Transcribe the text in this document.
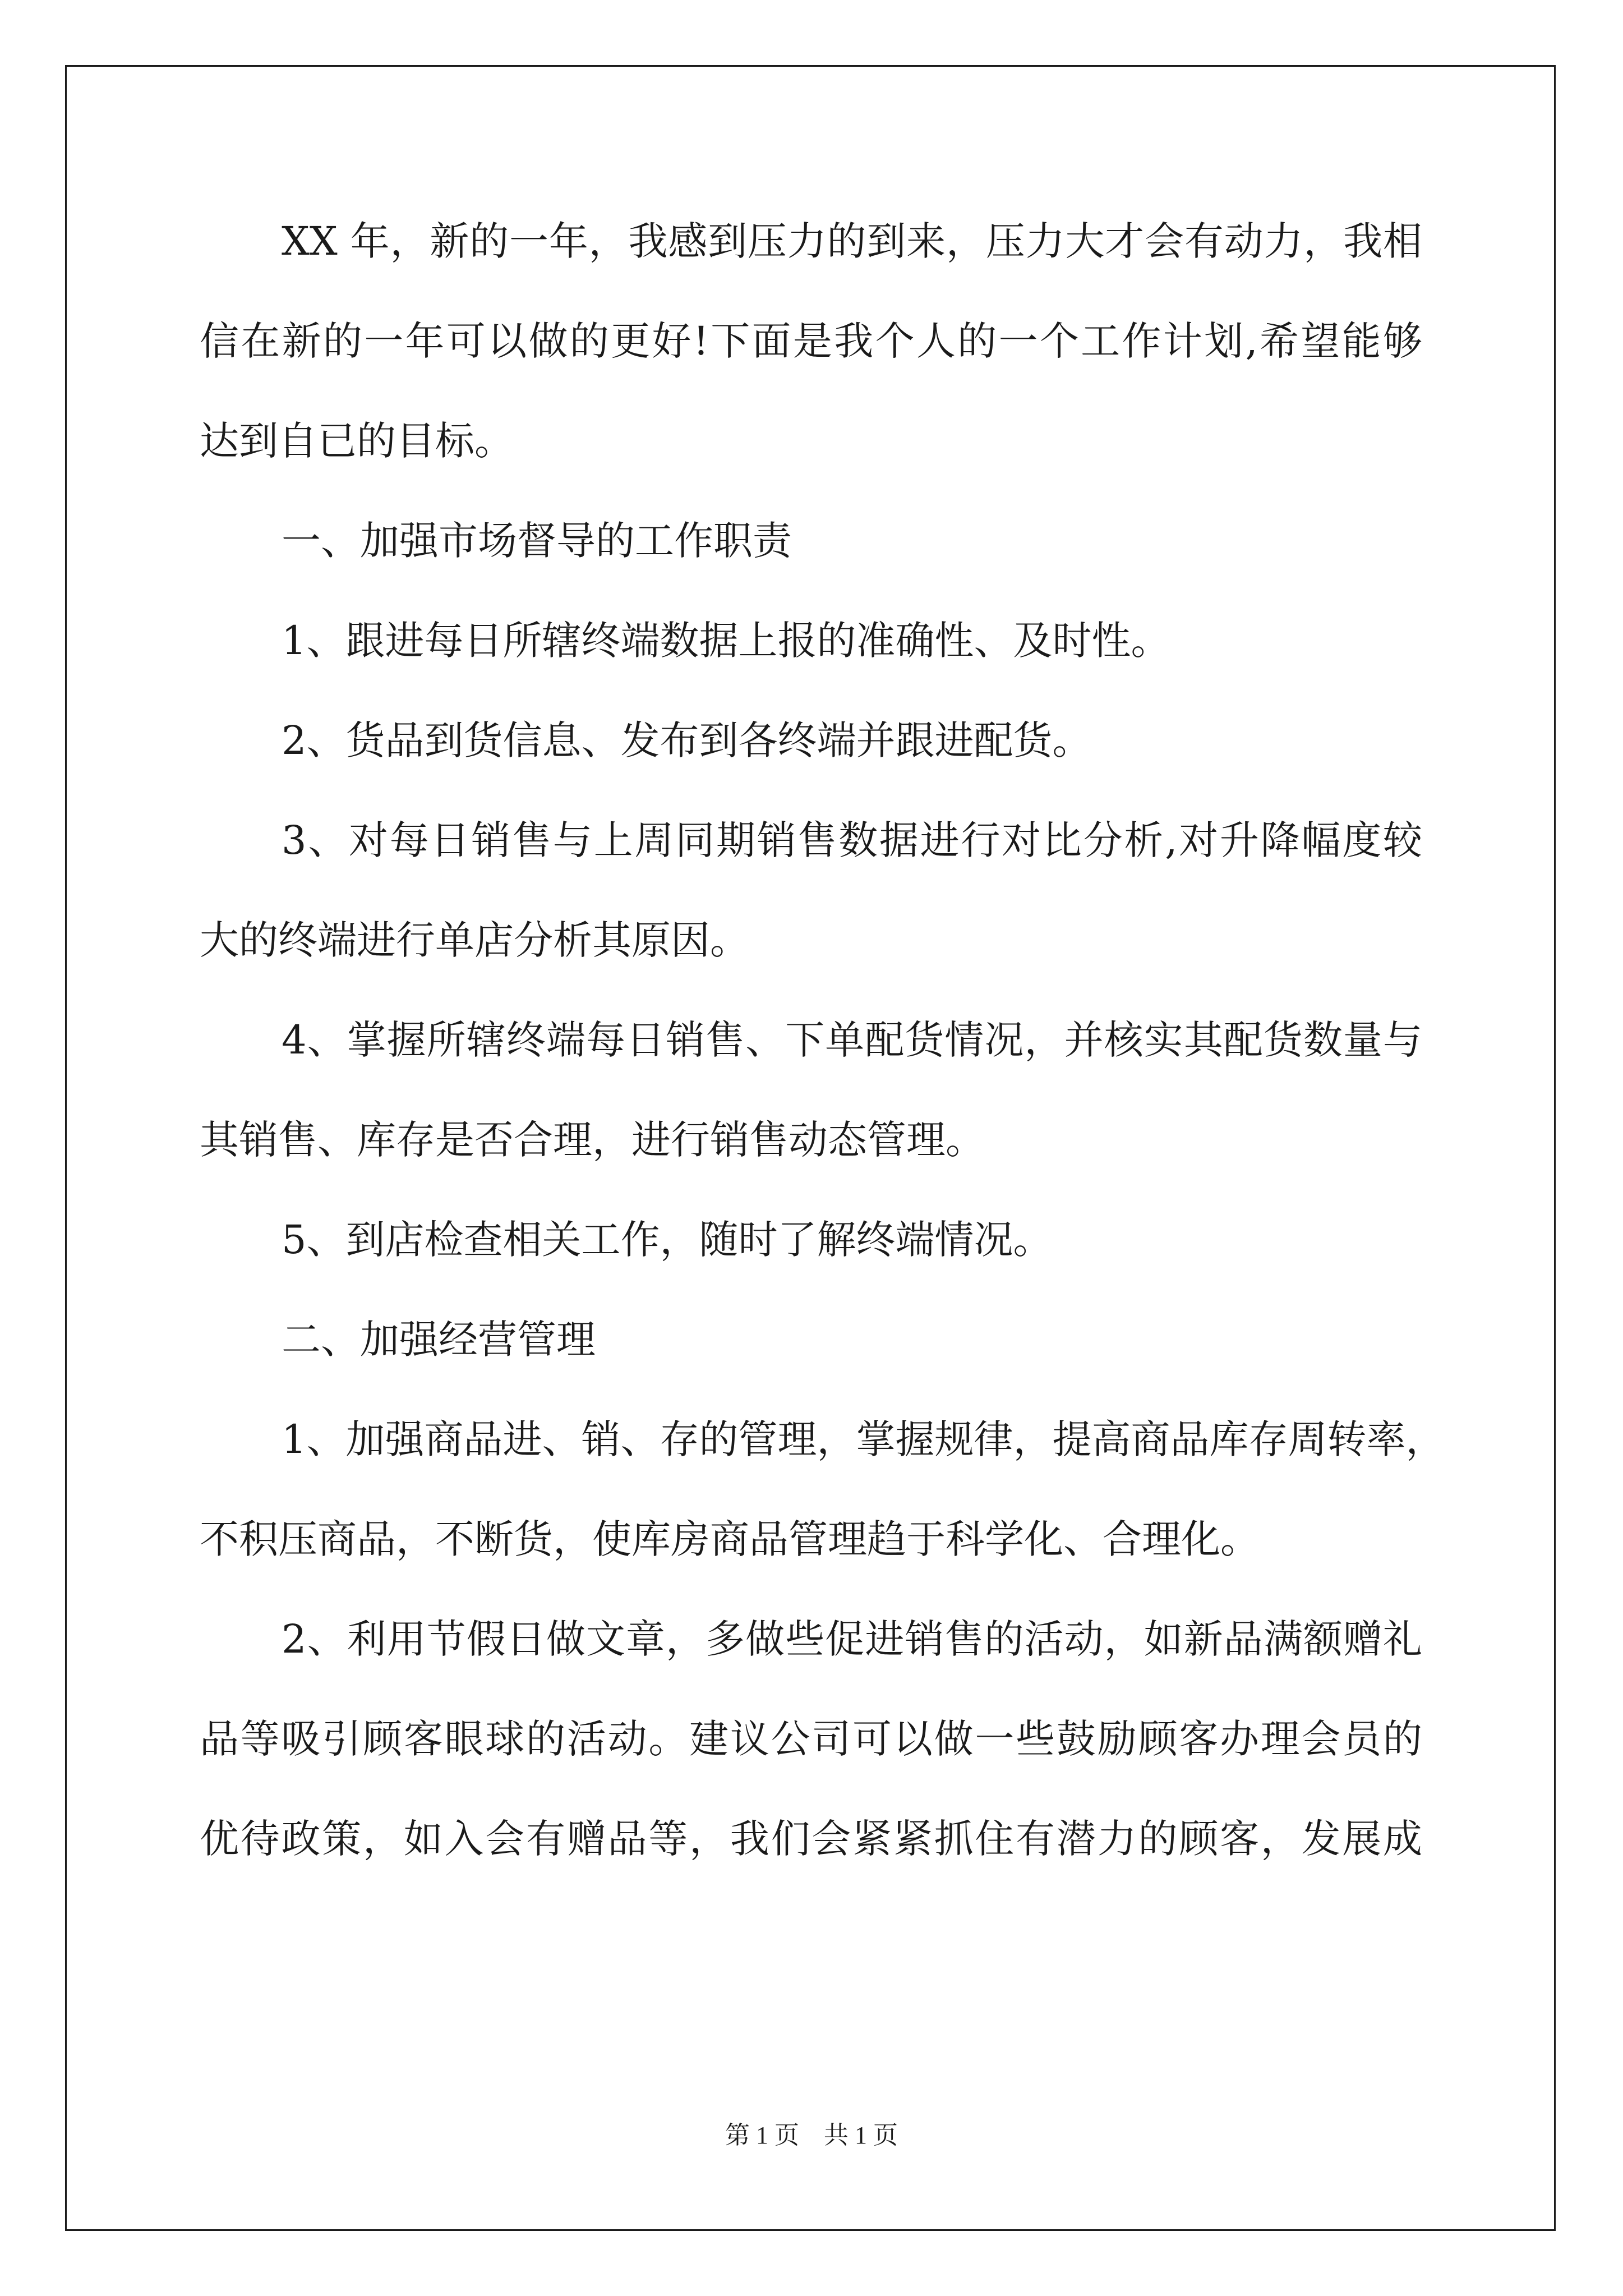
XX 年，新的一年，我感到压力的到来，压力大才会有动力，我相
信在新的一年可以做的更好!下面是我个人的一个工作计划,希望能够
达到自已的目标。
一、加强市场督导的工作职责
1、跟进每日所辖终端数据上报的准确性、及时性。
2、货品到货信息、发布到各终端并跟进配货。
3、对每日销售与上周同期销售数据进行对比分析,对升降幅度较
大的终端进行单店分析其原因。
4、掌握所辖终端每日销售、下单配货情况，并核实其配货数量与
其销售、库存是否合理，进行销售动态管理。
5、到店检查相关工作，随时了解终端情况。
二、加强经营管理
1、加强商品进、销、存的管理，掌握规律，提高商品库存周转率，
不积压商品，不断货，使库房商品管理趋于科学化、合理化。
2、利用节假日做文章，多做些促进销售的活动，如新品满额赠礼
品等吸引顾客眼球的活动。建议公司可以做一些鼓励顾客办理会员的
优待政策，如入会有赠品等，我们会紧紧抓住有潜力的顾客，发展成
第 1 页　共 1 页
